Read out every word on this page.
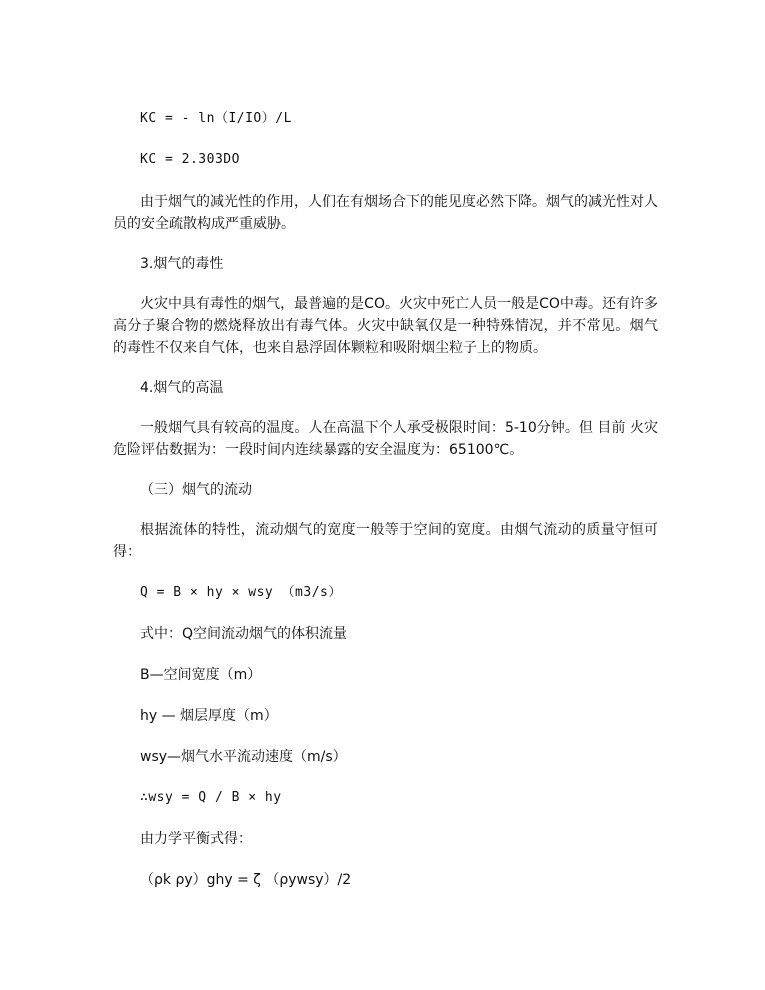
KC = - ln（I/IO）/L

KC = 2.303DO

由于烟气的减光性的作用，人们在有烟场合下的能见度必然下降。烟气的减光性对人员的安全疏散构成严重威胁。

3.烟气的毒性

火灾中具有毒性的烟气，最普遍的是CO。火灾中死亡人员一般是CO中毒。还有许多高分子聚合物的燃烧释放出有毒气体。火灾中缺氧仅是一种特殊情况，并不常见。烟气的毒性不仅来自气体，也来自悬浮固体颗粒和吸附烟尘粒子上的物质。

4.烟气的高温

一般烟气具有较高的温度。人在高温下个人承受极限时间：5-10分钟。但 目前 火灾危险评估数据为：一段时间内连续暴露的安全温度为：65100℃。

（三）烟气的流动

根据流体的特性，流动烟气的宽度一般等于空间的宽度。由烟气流动的质量守恒可得：

Q = B × hy × wsy （m3/s）

式中：Q空间流动烟气的体积流量

B—空间宽度（m）

hy — 烟层厚度（m）

wsy—烟气水平流动速度（m/s）

∴wsy = Q / B × hy

由力学平衡式得：

（ρk ρy）ghy = ζ （ρywsy）/2
